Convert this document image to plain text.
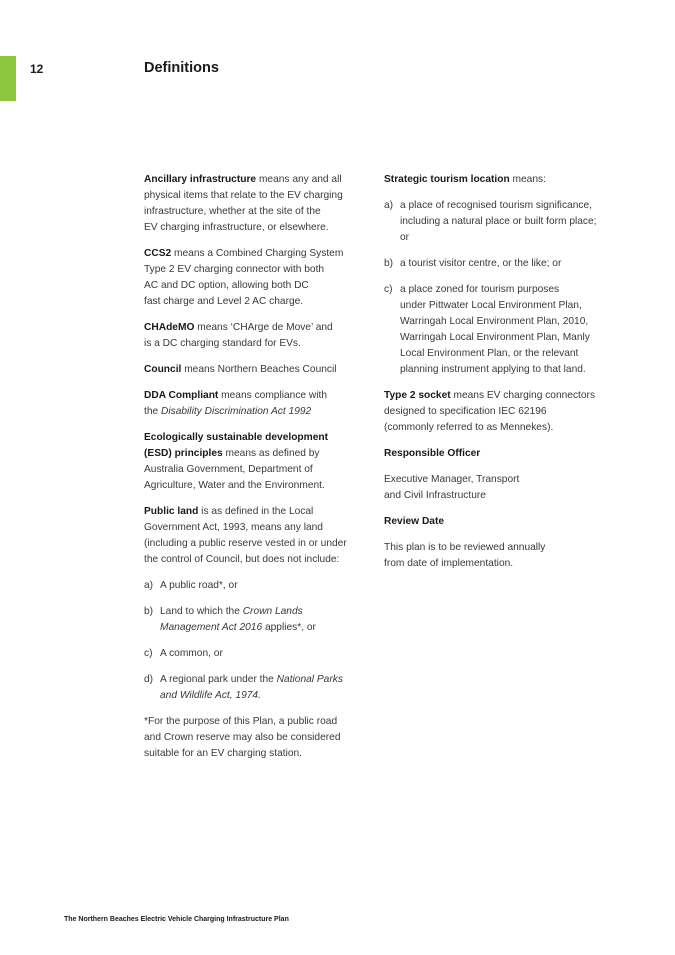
12	Definitions

Ancillary infrastructure means any and all
physical items that relate to the EV charging
infrastructure, whether at the site of the
EV charging infrastructure, or elsewhere.

CCS2 means a Combined Charging System
Type 2 EV charging connector with both
AC and DC option, allowing both DC
fast charge and Level 2 AC charge.

CHAdeMO means ‘CHArge de Move’ and
is a DC charging standard for EVs.

Council means Northern Beaches Council

DDA Compliant means compliance with
the Disability Discrimination Act 1992

Ecologically sustainable development
(ESD) principles means as defined by
Australia Government, Department of
Agriculture, Water and the Environment.

Public land is as defined in the Local
Government Act, 1993, means any land
(including a public reserve vested in or under
the control of Council, but does not include:

a) A public road*, or
b) Land to which the Crown Lands
Management Act 2016 applies*, or
c) A common, or
d) A regional park under the National Parks
and Wildlife Act, 1974.

*For the purpose of this Plan, a public road
and Crown reserve may also be considered
suitable for an EV charging station.

Strategic tourism location means:

a) a place of recognised tourism significance,
including a natural place or built form place;
or
b) a tourist visitor centre, or the like; or
c) a place zoned for tourism purposes
under Pittwater Local Environment Plan,
Warringah Local Environment Plan, 2010,
Warringah Local Environment Plan, Manly
Local Environment Plan, or the relevant
planning instrument applying to that land.

Type 2 socket means EV charging connectors
designed to specification IEC 62196
(commonly referred to as Mennekes).

Responsible Officer

Executive Manager, Transport
and Civil Infrastructure

Review Date

This plan is to be reviewed annually
from date of implementation.

The Northern Beaches Electric Vehicle Charging Infrastructure Plan
